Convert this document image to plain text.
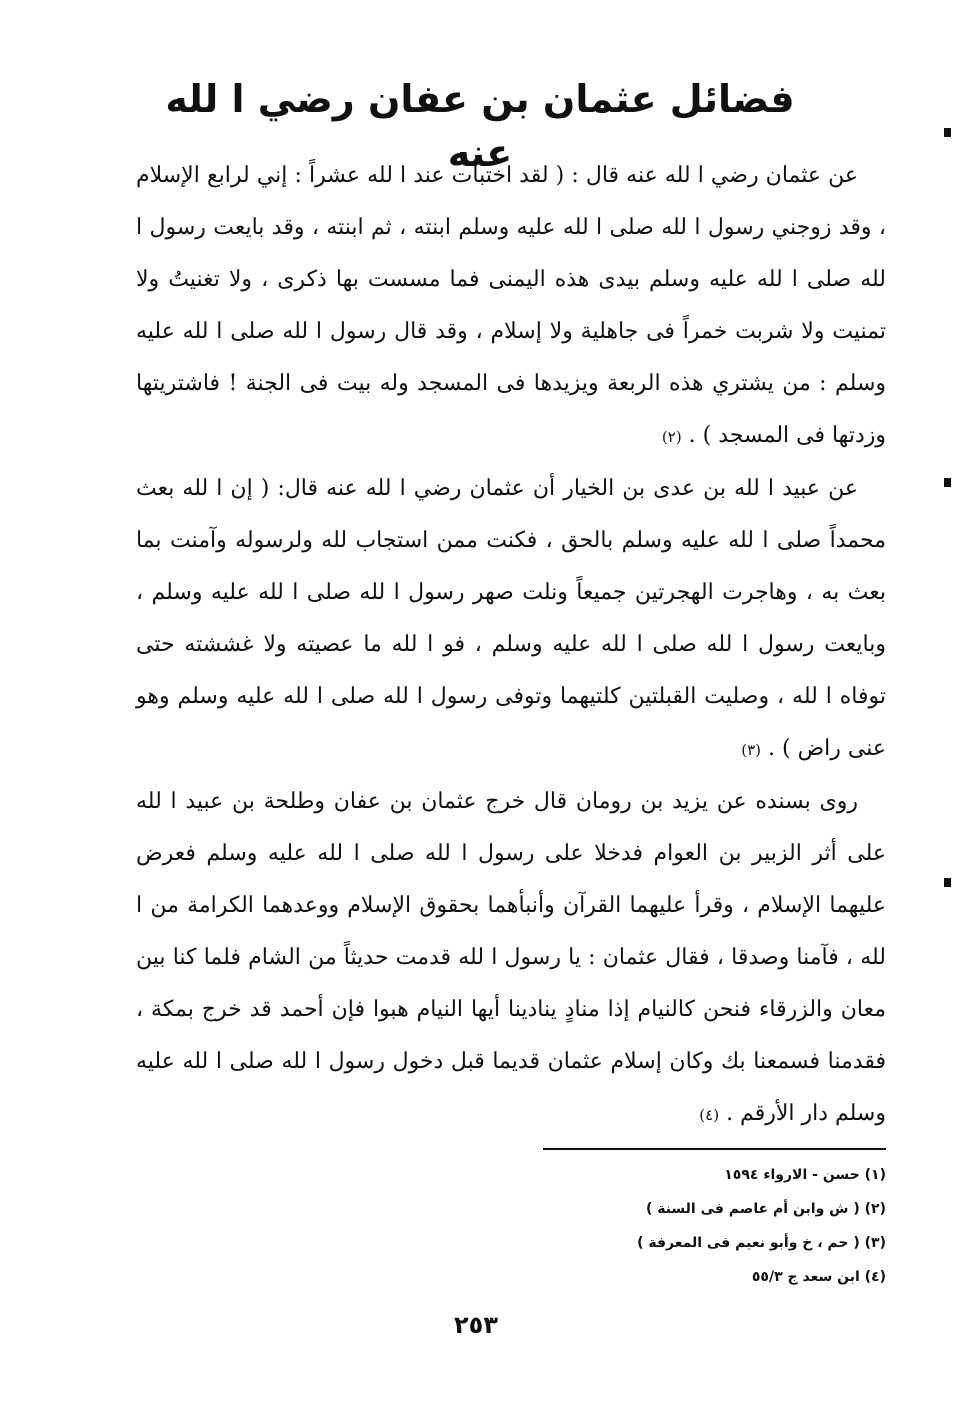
فضائل عثمان بن عفان رضي ا لله عنه

عن عثمان رضي ا لله عنه قال : ( لقد اختبأت عند ا لله عشراً : إني لرابع الإسلام ، وقد زوجني رسول ا لله صلى ا لله عليه وسلم ابنته ، ثم ابنته ، وقد بايعت رسول ا لله صلى ا لله عليه وسلم بيدى هذه اليمنى فما مسست بها ذكرى ، ولا تغنيتُ ولا تمنيت ولا شربت خمراً فى جاهلية ولا إسلام ، وقد قال رسول ا لله صلى ا لله عليه وسلم : من يشتري هذه الربعة ويزيدها فى المسجد وله بيت فى الجنة ! فاشتريتها وزدتها فى المسجد ) . (٢)

عن عبيد ا لله بن عدى بن الخيار أن عثمان رضي ا لله عنه قال: ( إن ا لله بعث محمداً صلى ا لله عليه وسلم بالحق ، فكنت ممن استجاب لله ولرسوله وآمنت بما بعث به ، وهاجرت الهجرتين جميعاً ونلت صهر رسول ا لله صلى ا لله عليه وسلم ، وبايعت رسول ا لله صلى ا لله عليه وسلم ، فو ا لله ما عصيته ولا غششته حتى توفاه ا لله ، وصليت القبلتين كلتيهما وتوفى رسول ا لله صلى ا لله عليه وسلم وهو عنى راض ) . (٣)

روى بسنده عن يزيد بن رومان قال خرج عثمان بن عفان وطلحة بن عبيد ا لله على أثر الزبير بن العوام فدخلا على رسول ا لله صلى ا لله عليه وسلم فعرض عليهما الإسلام ، وقرأ عليهما القرآن وأنبأهما بحقوق الإسلام ووعدهما الكرامة من ا لله ، فآمنا وصدقا ، فقال عثمان : يا رسول ا لله قدمت حديثاً من الشام فلما كنا بين معان والزرقاء فنحن كالنيام إذا منادٍ ينادينا أيها النيام هبوا فإن أحمد قد خرج بمكة ، فقدمنا فسمعنا بك وكان إسلام عثمان قديما قبل دخول رسول ا لله صلى ا لله عليه وسلم دار الأرقم . (٤)

(١) حسن - الارواء ١٥٩٤
(٢) ( ش وابن أم عاصم فى السنة )
(٣) ( حم ، خ وأبو نعيم فى المعرفة )
(٤) ابن سعد ج ٥٥/٣
٢٥٣
